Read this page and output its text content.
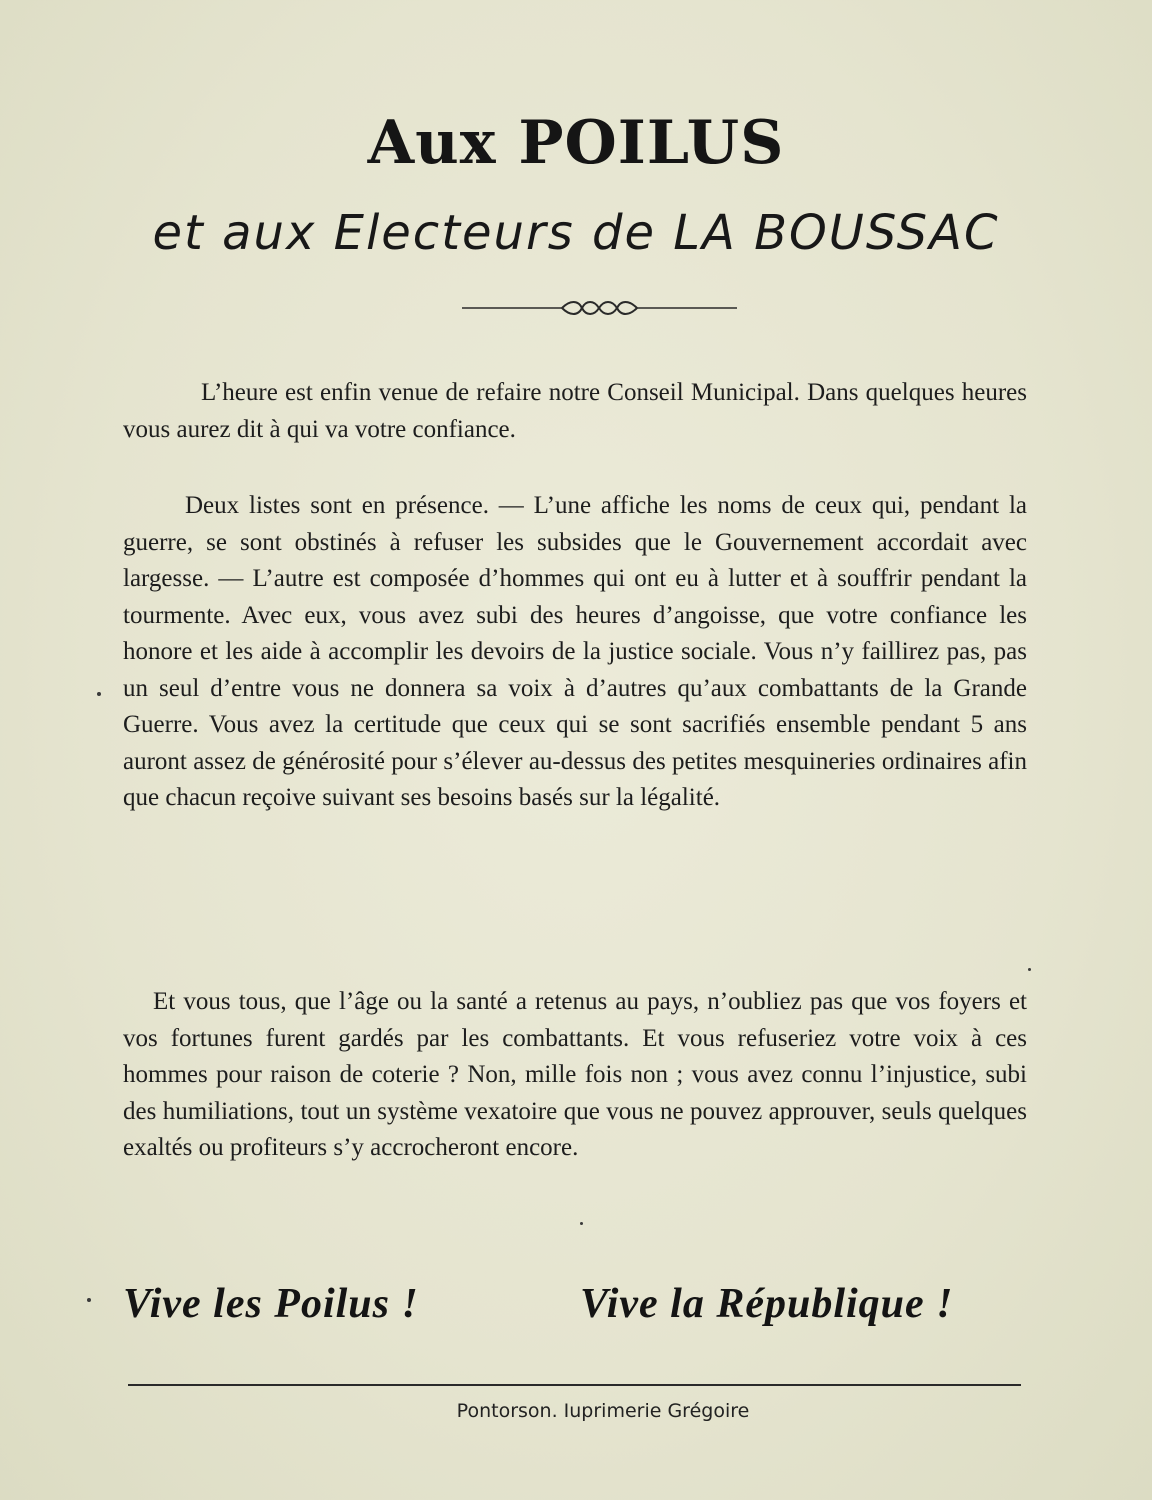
Aux POILUS
et aux Electeurs de LA BOUSSAC

L’heure est enfin venue de refaire notre Conseil Municipal. Dans quelques heures vous aurez dit à qui va votre confiance.

Deux listes sont en présence. — L’une affiche les noms de ceux qui, pendant la guerre, se sont obstinés à refuser les subsides que le Gouvernement accordait avec largesse. — L’autre est composée d’hommes qui ont eu à lutter et à souffrir pendant la tourmente. Avec eux, vous avez subi des heures d’angoisse, que votre confiance les honore et les aide à accomplir les devoirs de la justice sociale. Vous n’y faillirez pas, pas un seul d’entre vous ne donnera sa voix à d’autres qu’aux combattants de la Grande Guerre. Vous avez la certitude que ceux qui se sont sacrifiés ensemble pendant 5 ans auront assez de générosité pour s’élever au-dessus des petites mesquineries ordinaires afin que chacun reçoive suivant ses besoins basés sur la légalité.

Et vous tous, que l’âge ou la santé a retenus au pays, n’oubliez pas que vos foyers et vos fortunes furent gardés par les combattants. Et vous refuseriez votre voix à ces hommes pour raison de coterie ? Non, mille fois non ; vous avez connu l’injustice, subi des humiliations, tout un système vexatoire que vous ne pouvez approuver, seuls quelques exaltés ou profiteurs s’y accrocheront encore.

Vive les Poilus !	Vive la République !
Pontorson. Iuprimerie Grégoire
